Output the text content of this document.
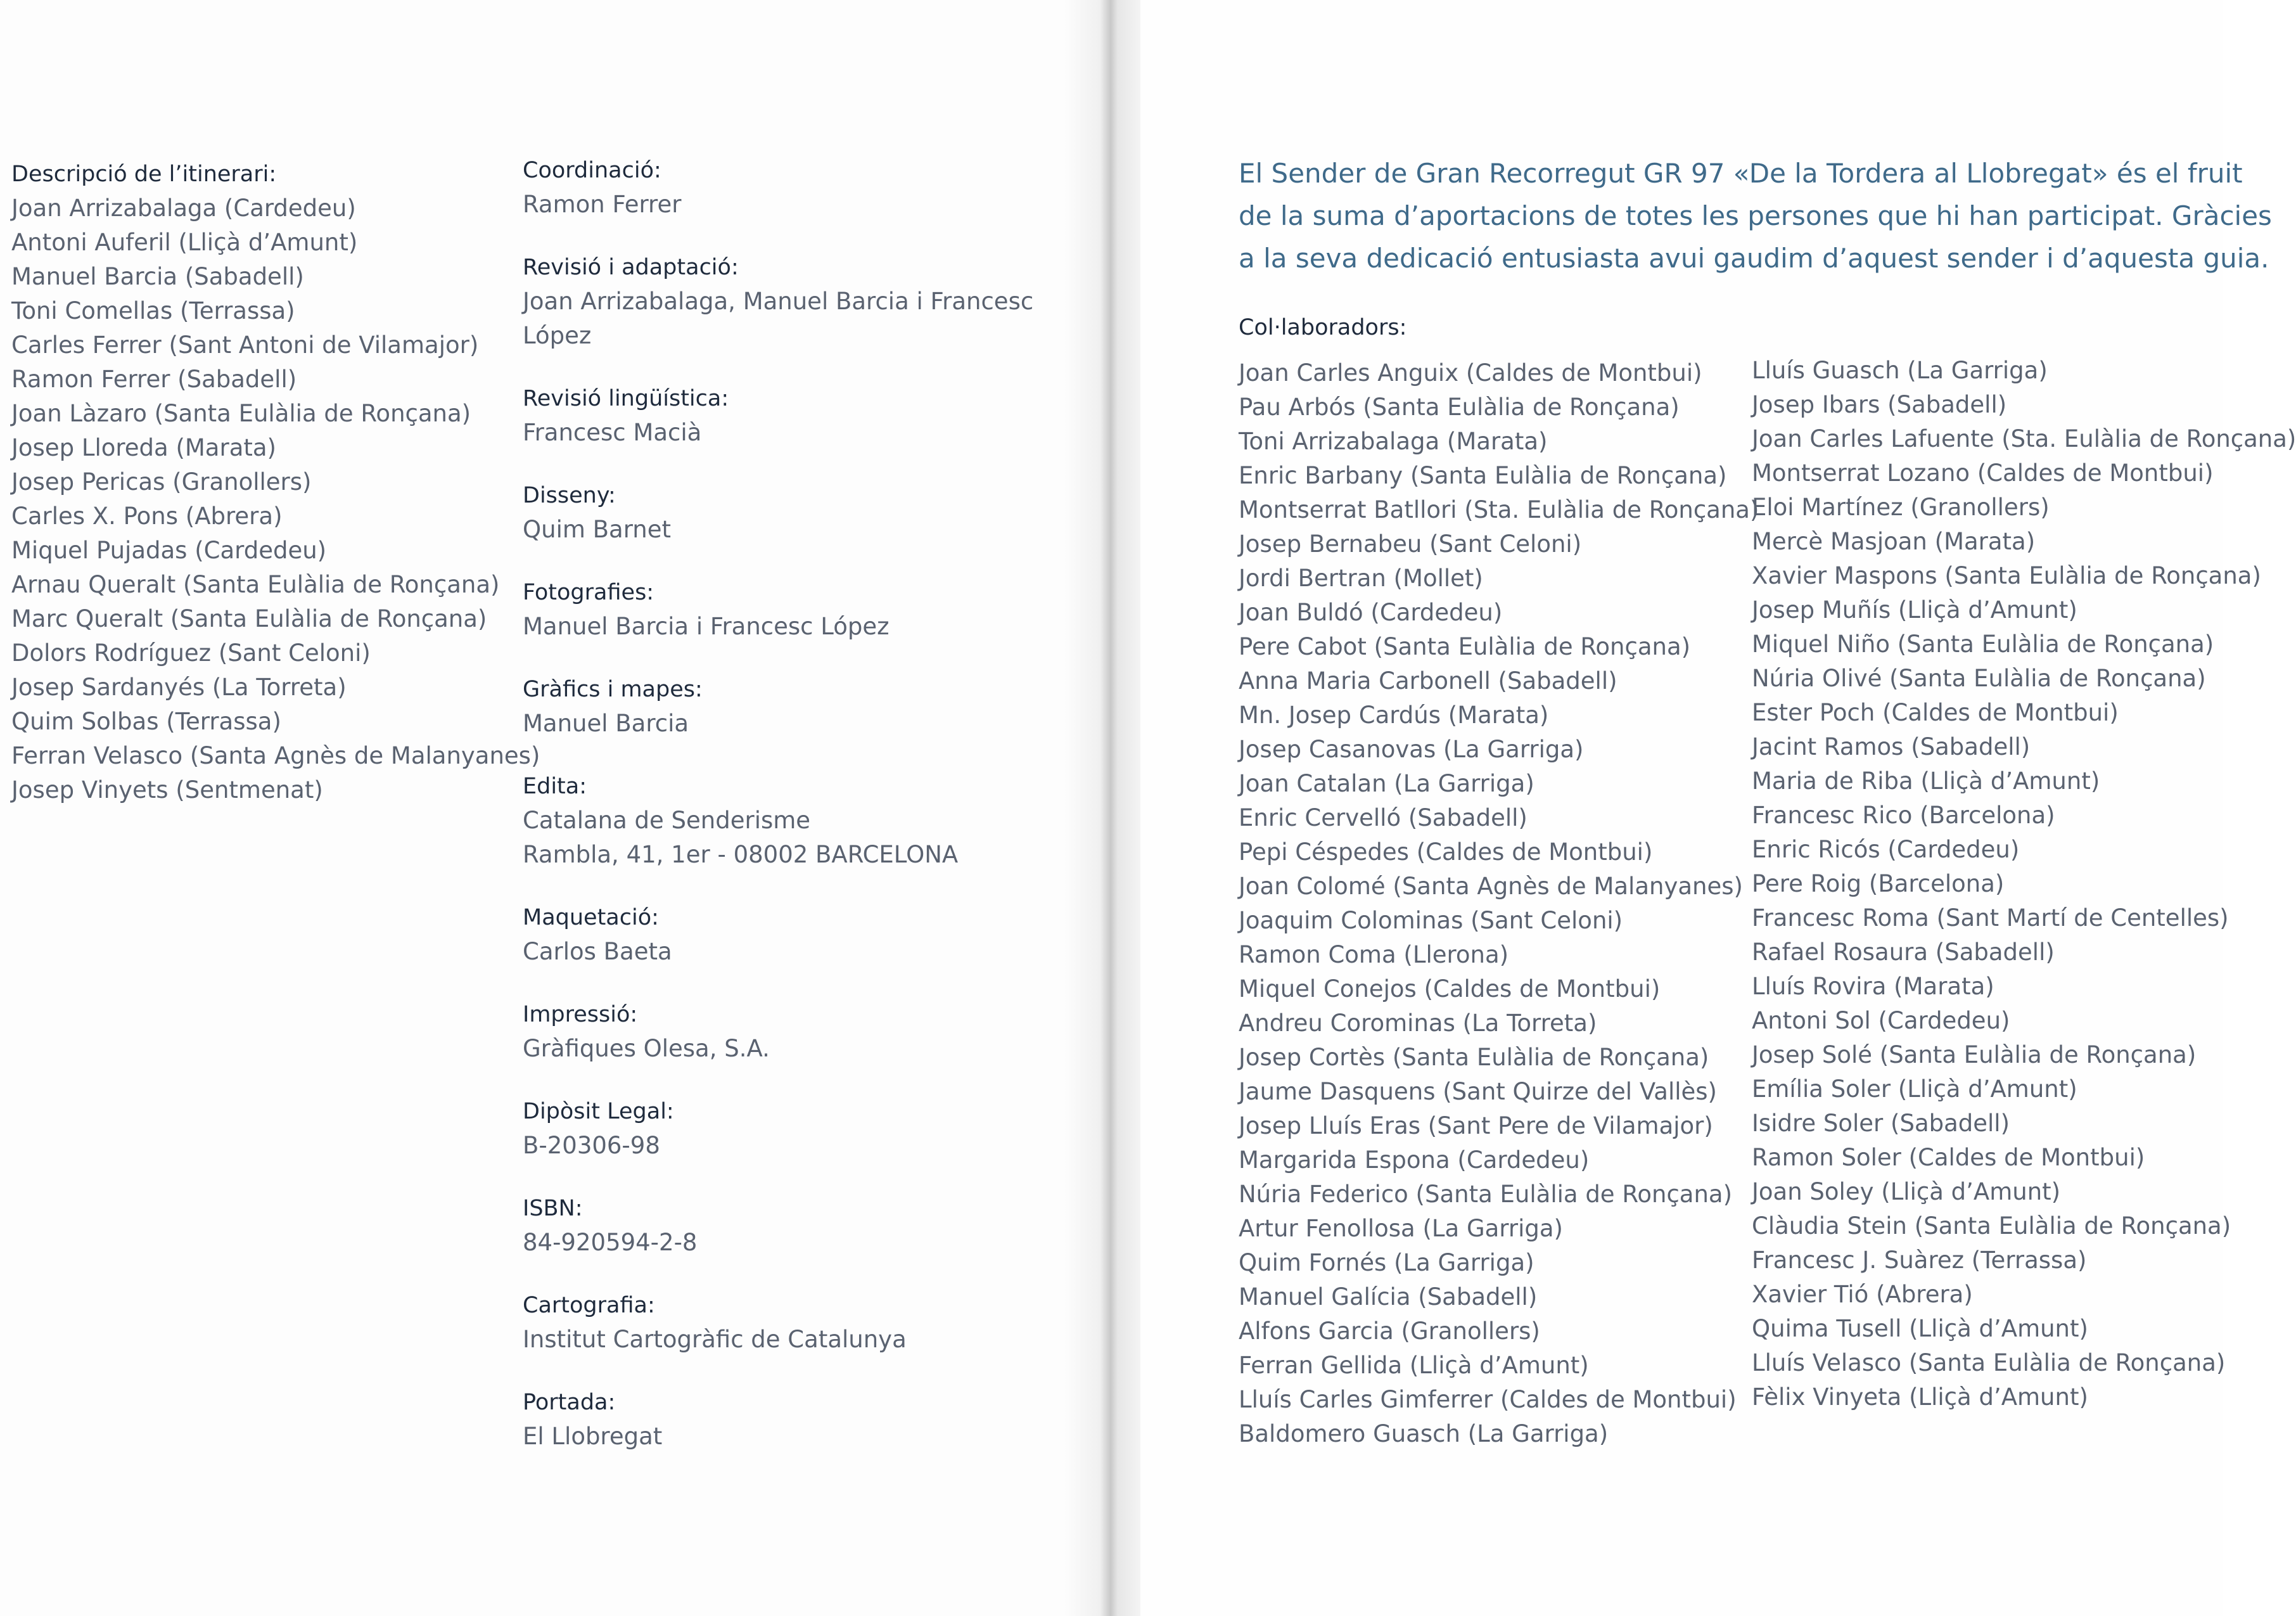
Descripció de l’itinerari:
Joan Arrizabalaga (Cardedeu)
Antoni Auferil (Lliçà d’Amunt)
Manuel Barcia (Sabadell)
Toni Comellas (Terrassa)
Carles Ferrer (Sant Antoni de Vilamajor)
Ramon Ferrer (Sabadell)
Joan Làzaro (Santa Eulàlia de Ronçana)
Josep Lloreda (Marata)
Josep Pericas (Granollers)
Carles X. Pons (Abrera)
Miquel Pujadas (Cardedeu)
Arnau Queralt (Santa Eulàlia de Ronçana)
Marc Queralt (Santa Eulàlia de Ronçana)
Dolors Rodríguez (Sant Celoni)
Josep Sardanyés (La Torreta)
Quim Solbas (Terrassa)
Ferran Velasco (Santa Agnès de Malanyanes)
Josep Vinyets (Sentmenat)
Coordinació:
Ramon Ferrer
Revisió i adaptació:
Joan Arrizabalaga, Manuel Barcia i Francesc
López
Revisió lingüística:
Francesc Macià
Disseny:
Quim Barnet
Fotografies:
Manuel Barcia i Francesc López
Gràfics i mapes:
Manuel Barcia
Edita:
Catalana de Senderisme
Rambla, 41, 1er - 08002 BARCELONA
Maquetació:
Carlos Baeta
Impressió:
Gràfiques Olesa, S.A.
Dipòsit Legal:
B-20306-98
ISBN:
84-920594-2-8
Cartografia:
Institut Cartogràfic de Catalunya
Portada:
El Llobregat
El Sender de Gran Recorregut GR 97 «De la Tordera al Llobregat» és el fruit
de la suma d’aportacions de totes les persones que hi han participat. Gràcies
a la seva dedicació entusiasta avui gaudim d’aquest sender i d’aquesta guia.
Col·laboradors:
Joan Carles Anguix (Caldes de Montbui)
Pau Arbós (Santa Eulàlia de Ronçana)
Toni Arrizabalaga (Marata)
Enric Barbany (Santa Eulàlia de Ronçana)
Montserrat Batllori (Sta. Eulàlia de Ronçana)
Josep Bernabeu (Sant Celoni)
Jordi Bertran (Mollet)
Joan Buldó (Cardedeu)
Pere Cabot (Santa Eulàlia de Ronçana)
Anna Maria Carbonell (Sabadell)
Mn. Josep Cardús (Marata)
Josep Casanovas (La Garriga)
Joan Catalan (La Garriga)
Enric Cervelló (Sabadell)
Pepi Céspedes (Caldes de Montbui)
Joan Colomé (Santa Agnès de Malanyanes)
Joaquim Colominas (Sant Celoni)
Ramon Coma (Llerona)
Miquel Conejos (Caldes de Montbui)
Andreu Corominas (La Torreta)
Josep Cortès (Santa Eulàlia de Ronçana)
Jaume Dasquens (Sant Quirze del Vallès)
Josep Lluís Eras (Sant Pere de Vilamajor)
Margarida Espona (Cardedeu)
Núria Federico (Santa Eulàlia de Ronçana)
Artur Fenollosa (La Garriga)
Quim Fornés (La Garriga)
Manuel Galícia (Sabadell)
Alfons Garcia (Granollers)
Ferran Gellida (Lliçà d’Amunt)
Lluís Carles Gimferrer (Caldes de Montbui)
Baldomero Guasch (La Garriga)
Lluís Guasch (La Garriga)
Josep Ibars (Sabadell)
Joan Carles Lafuente (Sta. Eulàlia de Ronçana)
Montserrat Lozano (Caldes de Montbui)
Eloi Martínez (Granollers)
Mercè Masjoan (Marata)
Xavier Maspons (Santa Eulàlia de Ronçana)
Josep Muñís (Lliçà d’Amunt)
Miquel Niño (Santa Eulàlia de Ronçana)
Núria Olivé (Santa Eulàlia de Ronçana)
Ester Poch (Caldes de Montbui)
Jacint Ramos (Sabadell)
Maria de Riba (Lliçà d’Amunt)
Francesc Rico (Barcelona)
Enric Ricós (Cardedeu)
Pere Roig (Barcelona)
Francesc Roma (Sant Martí de Centelles)
Rafael Rosaura (Sabadell)
Lluís Rovira (Marata)
Antoni Sol (Cardedeu)
Josep Solé (Santa Eulàlia de Ronçana)
Emília Soler (Lliçà d’Amunt)
Isidre Soler (Sabadell)
Ramon Soler (Caldes de Montbui)
Joan Soley (Lliçà d’Amunt)
Clàudia Stein (Santa Eulàlia de Ronçana)
Francesc J. Suàrez (Terrassa)
Xavier Tió (Abrera)
Quima Tusell (Lliçà d’Amunt)
Lluís Velasco (Santa Eulàlia de Ronçana)
Fèlix Vinyeta (Lliçà d’Amunt)
